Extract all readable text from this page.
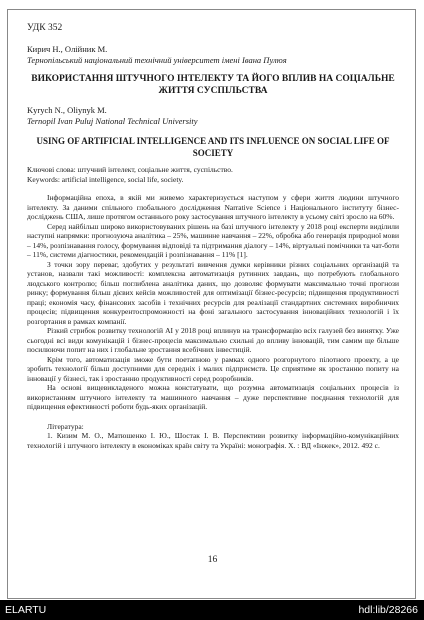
УДК 352
Кирич Н., Олійник М.
Тернопільський національний технічний університет імені Івана Пулюя
ВИКОРИСТАННЯ ШТУЧНОГО ІНТЕЛЕКТУ ТА ЙОГО ВПЛИВ НА СОЦІАЛЬНЕ ЖИТТЯ СУСПІЛЬСТВА
Kyrych N., Oliynyk M.
Ternopil Ivan Puluj National Technical University
USING OF ARTIFICIAL INTELLIGENCE AND ITS INFLUENCE ON SOCIAL LIFE OF SOCIETY
Ключові слова: штучний інтелект, соціальне життя, суспільство.
Keywords: artificial intelligence, social life, society.

Інформаційна епоха, в якій ми живемо характеризується наступом у сфери життя людини штучного інтелекту. За даними спільного глобального дослідження Narrative Science і Національного інституту бізнес-досліджень США, лише протягом останнього року застосування штучного інтелекту в усьому світі зросло на 60%.

Серед найбільш широко використовуваних рішень на базі штучного інтелекту у 2018 році експерти виділили наступні напрямки: прогнозуюча аналітика – 25%, машинне навчання – 22%, обробка або генерація природної мови – 14%, розпізнавання голосу, формування відповіді та підтримання діалогу – 14%, віртуальні помічники та чат-боти – 11%, системи діагностики, рекомендацій і розпізнавання – 11% [1].

З точки зору переваг, здобутих у результаті вивчення думки керівники різних соціальних організацій та установ, назвали такі можливості: комплексна автоматизація рутинних завдань, що потребують глобального людського контролю; більш поглиблена аналітика даних, що дозволяє формувати максимально точні прогнози ринку; формування більш дієвих кейсів можливостей для оптимізації бізнес-ресурсів; підвищення продуктивності праці; економія часу, фінансових засобів і технічних ресурсів для реалізації стандартних системних виробничих процесів; підвищення конкурентоспроможності на фоні загального застосування інноваційних технологій і їх розгортання в рамках компанії.

Різкий стрибок розвитку технологій АІ у 2018 році вплинув на трансформацію всіх галузей без винятку. Уже сьогодні всі види комунікацій і бізнес-процесів максимально схильні до впливу інновацій, тим самим ще більше посилюючи попит на них і глобальне зростання всебічних інвестицій.

Крім того, автоматизація зможе бути поетапною у рамках одного розгорнутого пілотного проекту, а це зробить технології більш доступними для середніх і малих підприємств. Це сприятиме як зростанню попиту на інновації у бізнесі, так і зростанню продуктивності серед розробників.

На основі вищевикладеного можна констатувати, що розумна автоматизація соціальних процесів із використанням штучного інтелекту та машинного навчання – дуже перспективне поєднання технологій для підвищення ефективності роботи будь-яких організацій.

Література:
1. Кизим М. О., Матюшенко І. Ю., Шостак І. В. Перспективи розвитку інформаційно-комунікаційних технологій і штучного інтелекту в економіках країн світу та Україні: монографія. Х. : ВД «Інжек», 2012. 492 с.
16
ELARTU	hdl:lib/28266
